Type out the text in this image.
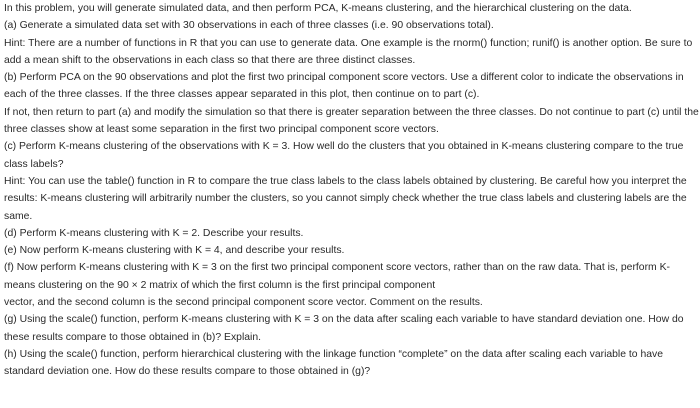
In this problem, you will generate simulated data, and then perform PCA, K-means clustering, and the hierarchical clustering on the data.

(a) Generate a simulated data set with 30 observations in each of three classes (i.e. 90 observations total).

Hint: There are a number of functions in R that you can use to generate data. One example is the rnorm() function; runif() is another option. Be sure to add a mean shift to the observations in each class so that there are three distinct classes.

(b) Perform PCA on the 90 observations and plot the first two principal component score vectors. Use a different color to indicate the observations in each of the three classes. If the three classes appear separated in this plot, then continue on to part (c).

If not, then return to part (a) and modify the simulation so that there is greater separation between the three classes. Do not continue to part (c) until the three classes show at least some separation in the first two principal component score vectors.

(c) Perform K-means clustering of the observations with K = 3. How well do the clusters that you obtained in K-means clustering compare to the true class labels?

Hint: You can use the table() function in R to compare the true class labels to the class labels obtained by clustering. Be careful how you interpret the results: K-means clustering will arbitrarily number the clusters, so you cannot simply check whether the true class labels and clustering labels are the same.

(d) Perform K-means clustering with K = 2. Describe your results.

(e) Now perform K-means clustering with K = 4, and describe your results.

(f) Now perform K-means clustering with K = 3 on the first two principal component score vectors, rather than on the raw data. That is, perform K-means clustering on the 90 × 2 matrix of which the first column is the first principal component

vector, and the second column is the second principal component score vector. Comment on the results.

(g) Using the scale() function, perform K-means clustering with K = 3 on the data after scaling each variable to have standard deviation one. How do these results compare to those obtained in (b)? Explain.

(h) Using the scale() function, perform hierarchical clustering with the linkage function “complete” on the data after scaling each variable to have standard deviation one. How do these results compare to those obtained in (g)?
